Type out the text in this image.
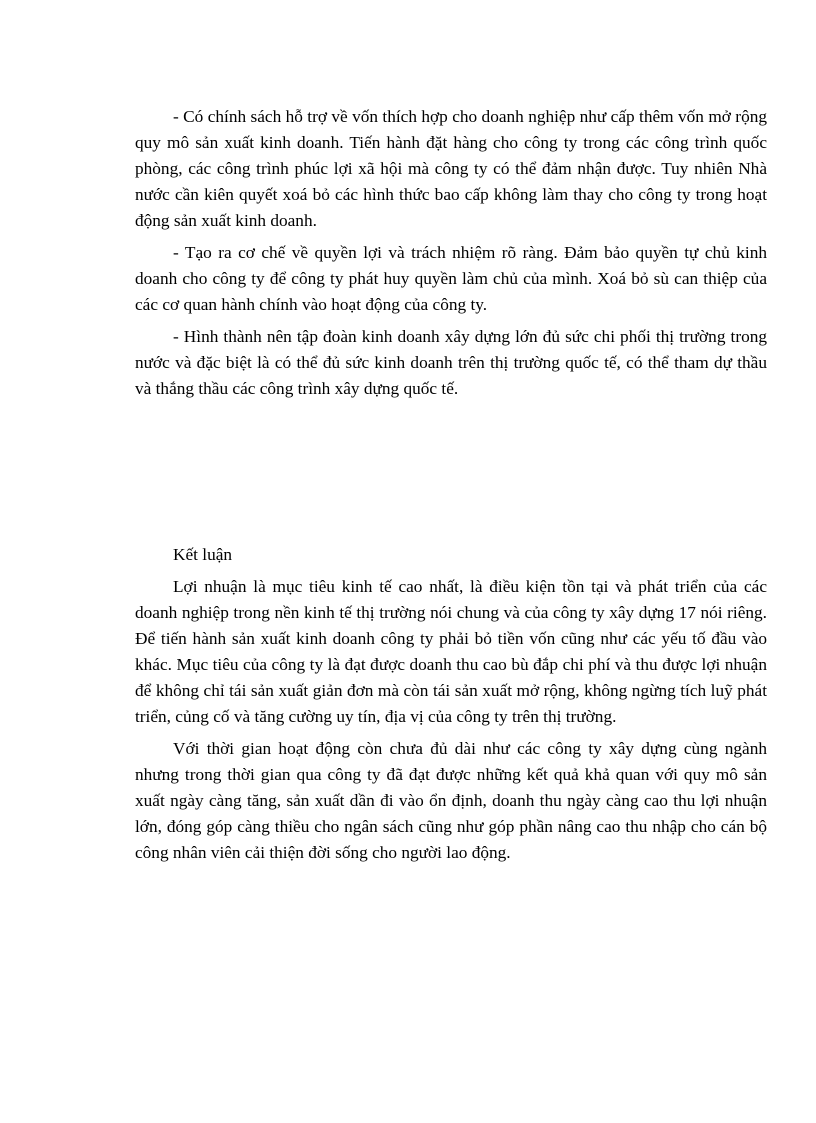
- Có chính sách hỗ trợ về vốn thích hợp cho doanh nghiệp như cấp thêm vốn mở rộng quy mô sản xuất kinh doanh. Tiến hành đặt hàng cho công ty trong các công trình quốc phòng, các công trình phúc lợi xã hội mà công ty có thể đảm nhận được. Tuy nhiên Nhà nước cần kiên quyết xoá bỏ các hình thức bao cấp không làm thay cho công ty trong hoạt động sản xuất kinh doanh.

- Tạo ra cơ chế về quyền lợi và trách nhiệm rõ ràng. Đảm bảo quyền tự chủ kinh doanh cho công ty để công ty phát huy quyền làm chủ của mình. Xoá bỏ sù can thiệp của các cơ quan hành chính vào hoạt động của công ty.

- Hình thành nên tập đoàn kinh doanh xây dựng lớn đủ sức chi phối thị trường trong nước và đặc biệt là có thể đủ sức kinh doanh trên thị trường quốc tế, có thể tham dự thầu và thắng thầu các công trình xây dựng quốc tế.

Kết luận

Lợi nhuận là mục tiêu kinh tế cao nhất, là điều kiện tồn tại và phát triển của các doanh nghiệp trong nền kinh tế thị trường nói chung và của công ty xây dựng 17 nói riêng. Để tiến hành sản xuất kinh doanh công ty phải bỏ tiền vốn cũng như các yếu tố đầu vào khác. Mục tiêu của công ty là đạt được doanh thu cao bù đắp chi phí và thu được lợi nhuận để không chỉ tái sản xuất giản đơn mà còn tái sản xuất mở rộng, không ngừng tích luỹ phát triển, củng cố và tăng cường uy tín, địa vị của công ty trên thị trường.

Với thời gian hoạt động còn chưa đủ dài như các công ty xây dựng cùng ngành nhưng trong thời gian qua công ty đã đạt được những kết quả khả quan với quy mô sản xuất ngày càng tăng, sản xuất dần đi vào ổn định, doanh thu ngày càng cao thu lợi nhuận lớn, đóng góp càng thiều cho ngân sách cũng như góp phần nâng cao thu nhập cho cán bộ công nhân viên cải thiện đời sống cho người lao động.
